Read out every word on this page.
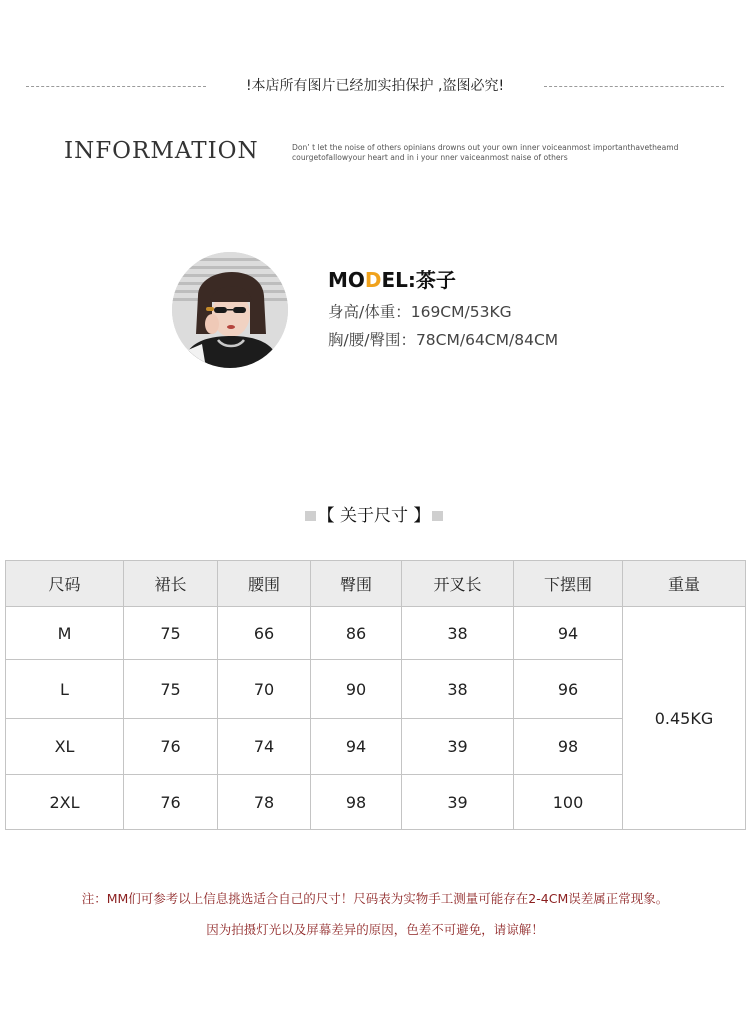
!本店所有图片已经加实拍保护 ,盗图必究!
INFORMATION	Don’ t let the noise of others opinians drowns out your own inner voiceanmost importanthavetheamd
courgetofallowyour heart and in i your nner vaiceanmost naise of others
MODEL:茶子
身高/体重：169CM/53KG
胸/腰/臀围：78CM/64CM/84CM
【 关于尺寸 】
尺码	裙长	腰围	臀围	开叉长	下摆围	重量
M	75	66	86	38	94	0.45KG
L	75	70	90	38	96	
XL	76	74	94	39	98	
2XL	76	78	98	39	100	
注：MM们可参考以上信息挑选适合自己的尺寸！尺码表为实物手工测量可能存在2-4CM误差属正常现象。
因为拍摄灯光以及屏幕差异的原因，色差不可避免，请谅解！
